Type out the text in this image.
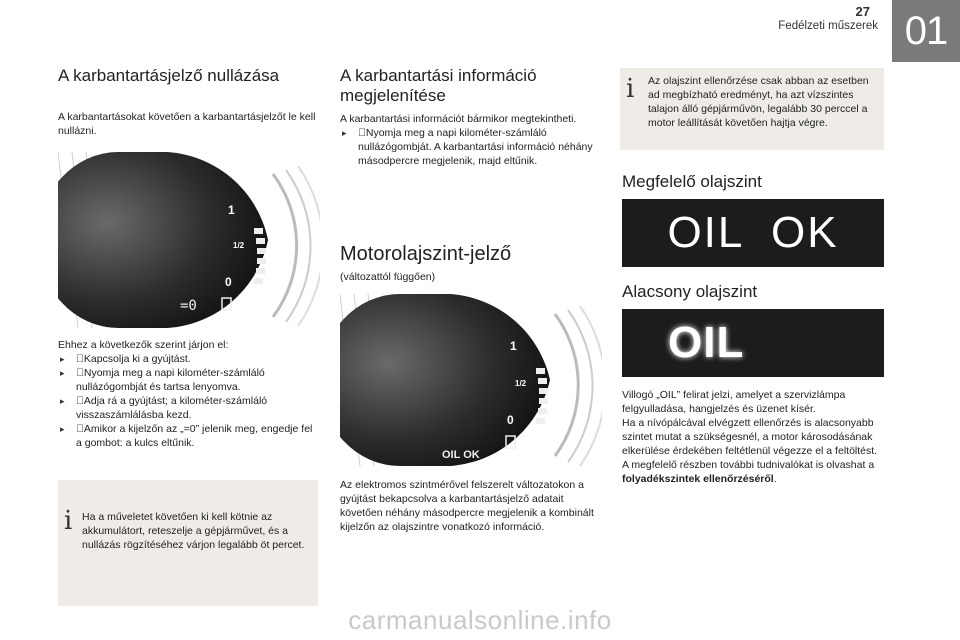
27
Fedélzeti műszerek 01
A karbantartásjelző nullázása
A karbantartásokat követően a karbantartásjelzőt le kell nullázni.
1
1/2
0
=0
Ehhez a következők szerint járjon el:
▸ Kapcsolja ki a gyújtást.
▸ Nyomja meg a napi kilométer-számláló nullázógombját és tartsa lenyomva.
▸ Adja rá a gyújtást; a kilométer-számláló visszaszámlálásba kezd.
▸ Amikor a kijelzőn az „=0” jelenik meg, engedje fel a gombot: a kulcs eltűnik.
i Ha a műveletet követően ki kell kötnie az akkumulátort, reteszelje a gépjárművet, és a nullázás rögzítéséhez várjon legalább öt percet.
A karbantartási információ megjelenítése
A karbantartási információt bármikor megtekintheti.
▸ Nyomja meg a napi kilométer-számláló nullázógombját. A karbantartási információ néhány másodpercre megjelenik, majd eltűnik.
Motorolajszint-jelző
(változattól függően)
1
1/2
0
OIL OK
Az elektromos szintmérővel felszerelt változatokon a gyújtást bekapcsolva a karbantartásjelző adatait követően néhány másodpercre megjelenik a kombinált kijelzőn az olajszintre vonatkozó információ.
i Az olajszint ellenőrzése csak abban az esetben ad megbízható eredményt, ha azt vízszintes talajon álló gépjárművön, legalább 30 perccel a motor leállítását követően hajtja végre.
Megfelelő olajszint
OIL OK
Alacsony olajszint
OIL
Villogó „OIL” felirat jelzi, amelyet a szervizlámpa felgyulladása, hangjelzés és üzenet kísér.
Ha a nívópálcával elvégzett ellenőrzés is alacsonyabb szintet mutat a szükségesnél, a motor károsodásának elkerülése érdekében feltétlenül végezze el a feltöltést.
A megfelelő részben további tudnivalókat is olvashat a folyadékszintek ellenőrzéséről.
carmanualsonline.info
